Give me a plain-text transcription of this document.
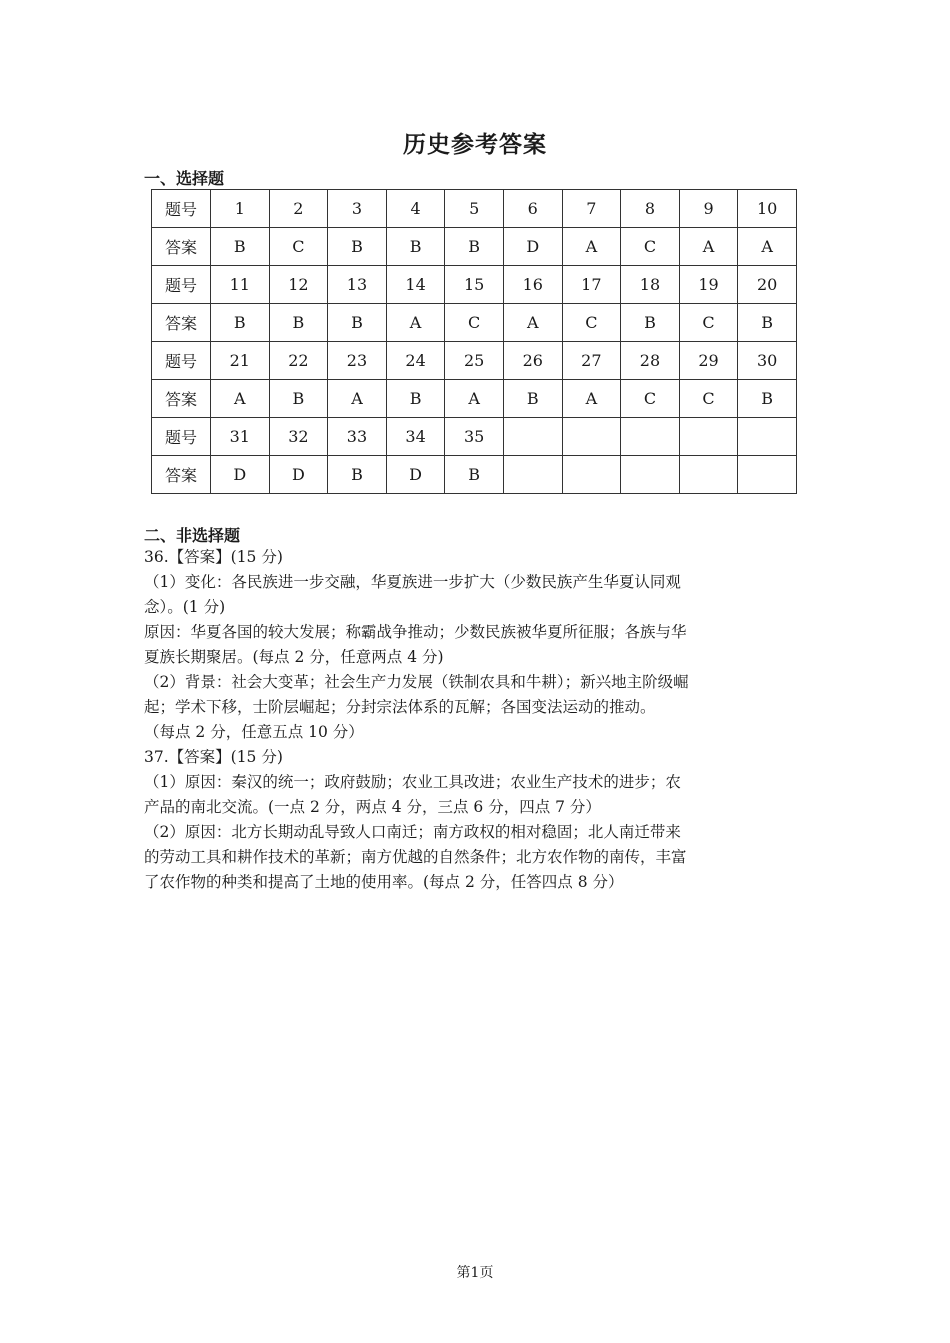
历史参考答案
一、选择题
题号	1	2	3	4	5	6	7	8	9	10
答案	B	C	B	B	B	D	A	C	A	A
题号	11	12	13	14	15	16	17	18	19	20
答案	B	B	B	A	C	A	C	B	C	B
题号	21	22	23	24	25	26	27	28	29	30
答案	A	B	A	B	A	B	A	C	C	B
题号	31	32	33	34	35					
答案	D	D	B	D	B					
二、非选择题

36.【答案】(15 分)

（1）变化：各民族进一步交融，华夏族进一步扩大（少数民族产生华夏认同观

念）。(1 分)

原因：华夏各国的较大发展；称霸战争推动；少数民族被华夏所征服；各族与华

夏族长期聚居。(每点 2 分，任意两点 4 分)

（2）背景：社会大变革；社会生产力发展（铁制农具和牛耕）；新兴地主阶级崛

起；学术下移，士阶层崛起；分封宗法体系的瓦解；各国变法运动的推动。

（每点 2 分，任意五点 10 分）

37.【答案】(15 分)

（1）原因：秦汉的统一；政府鼓励；农业工具改进；农业生产技术的进步；农

产品的南北交流。(一点 2 分，两点 4 分，三点 6 分，四点 7 分）

（2）原因：北方长期动乱导致人口南迁；南方政权的相对稳固；北人南迁带来

的劳动工具和耕作技术的革新；南方优越的自然条件；北方农作物的南传，丰富

了农作物的种类和提高了土地的使用率。(每点 2 分，任答四点 8 分）

第1页
